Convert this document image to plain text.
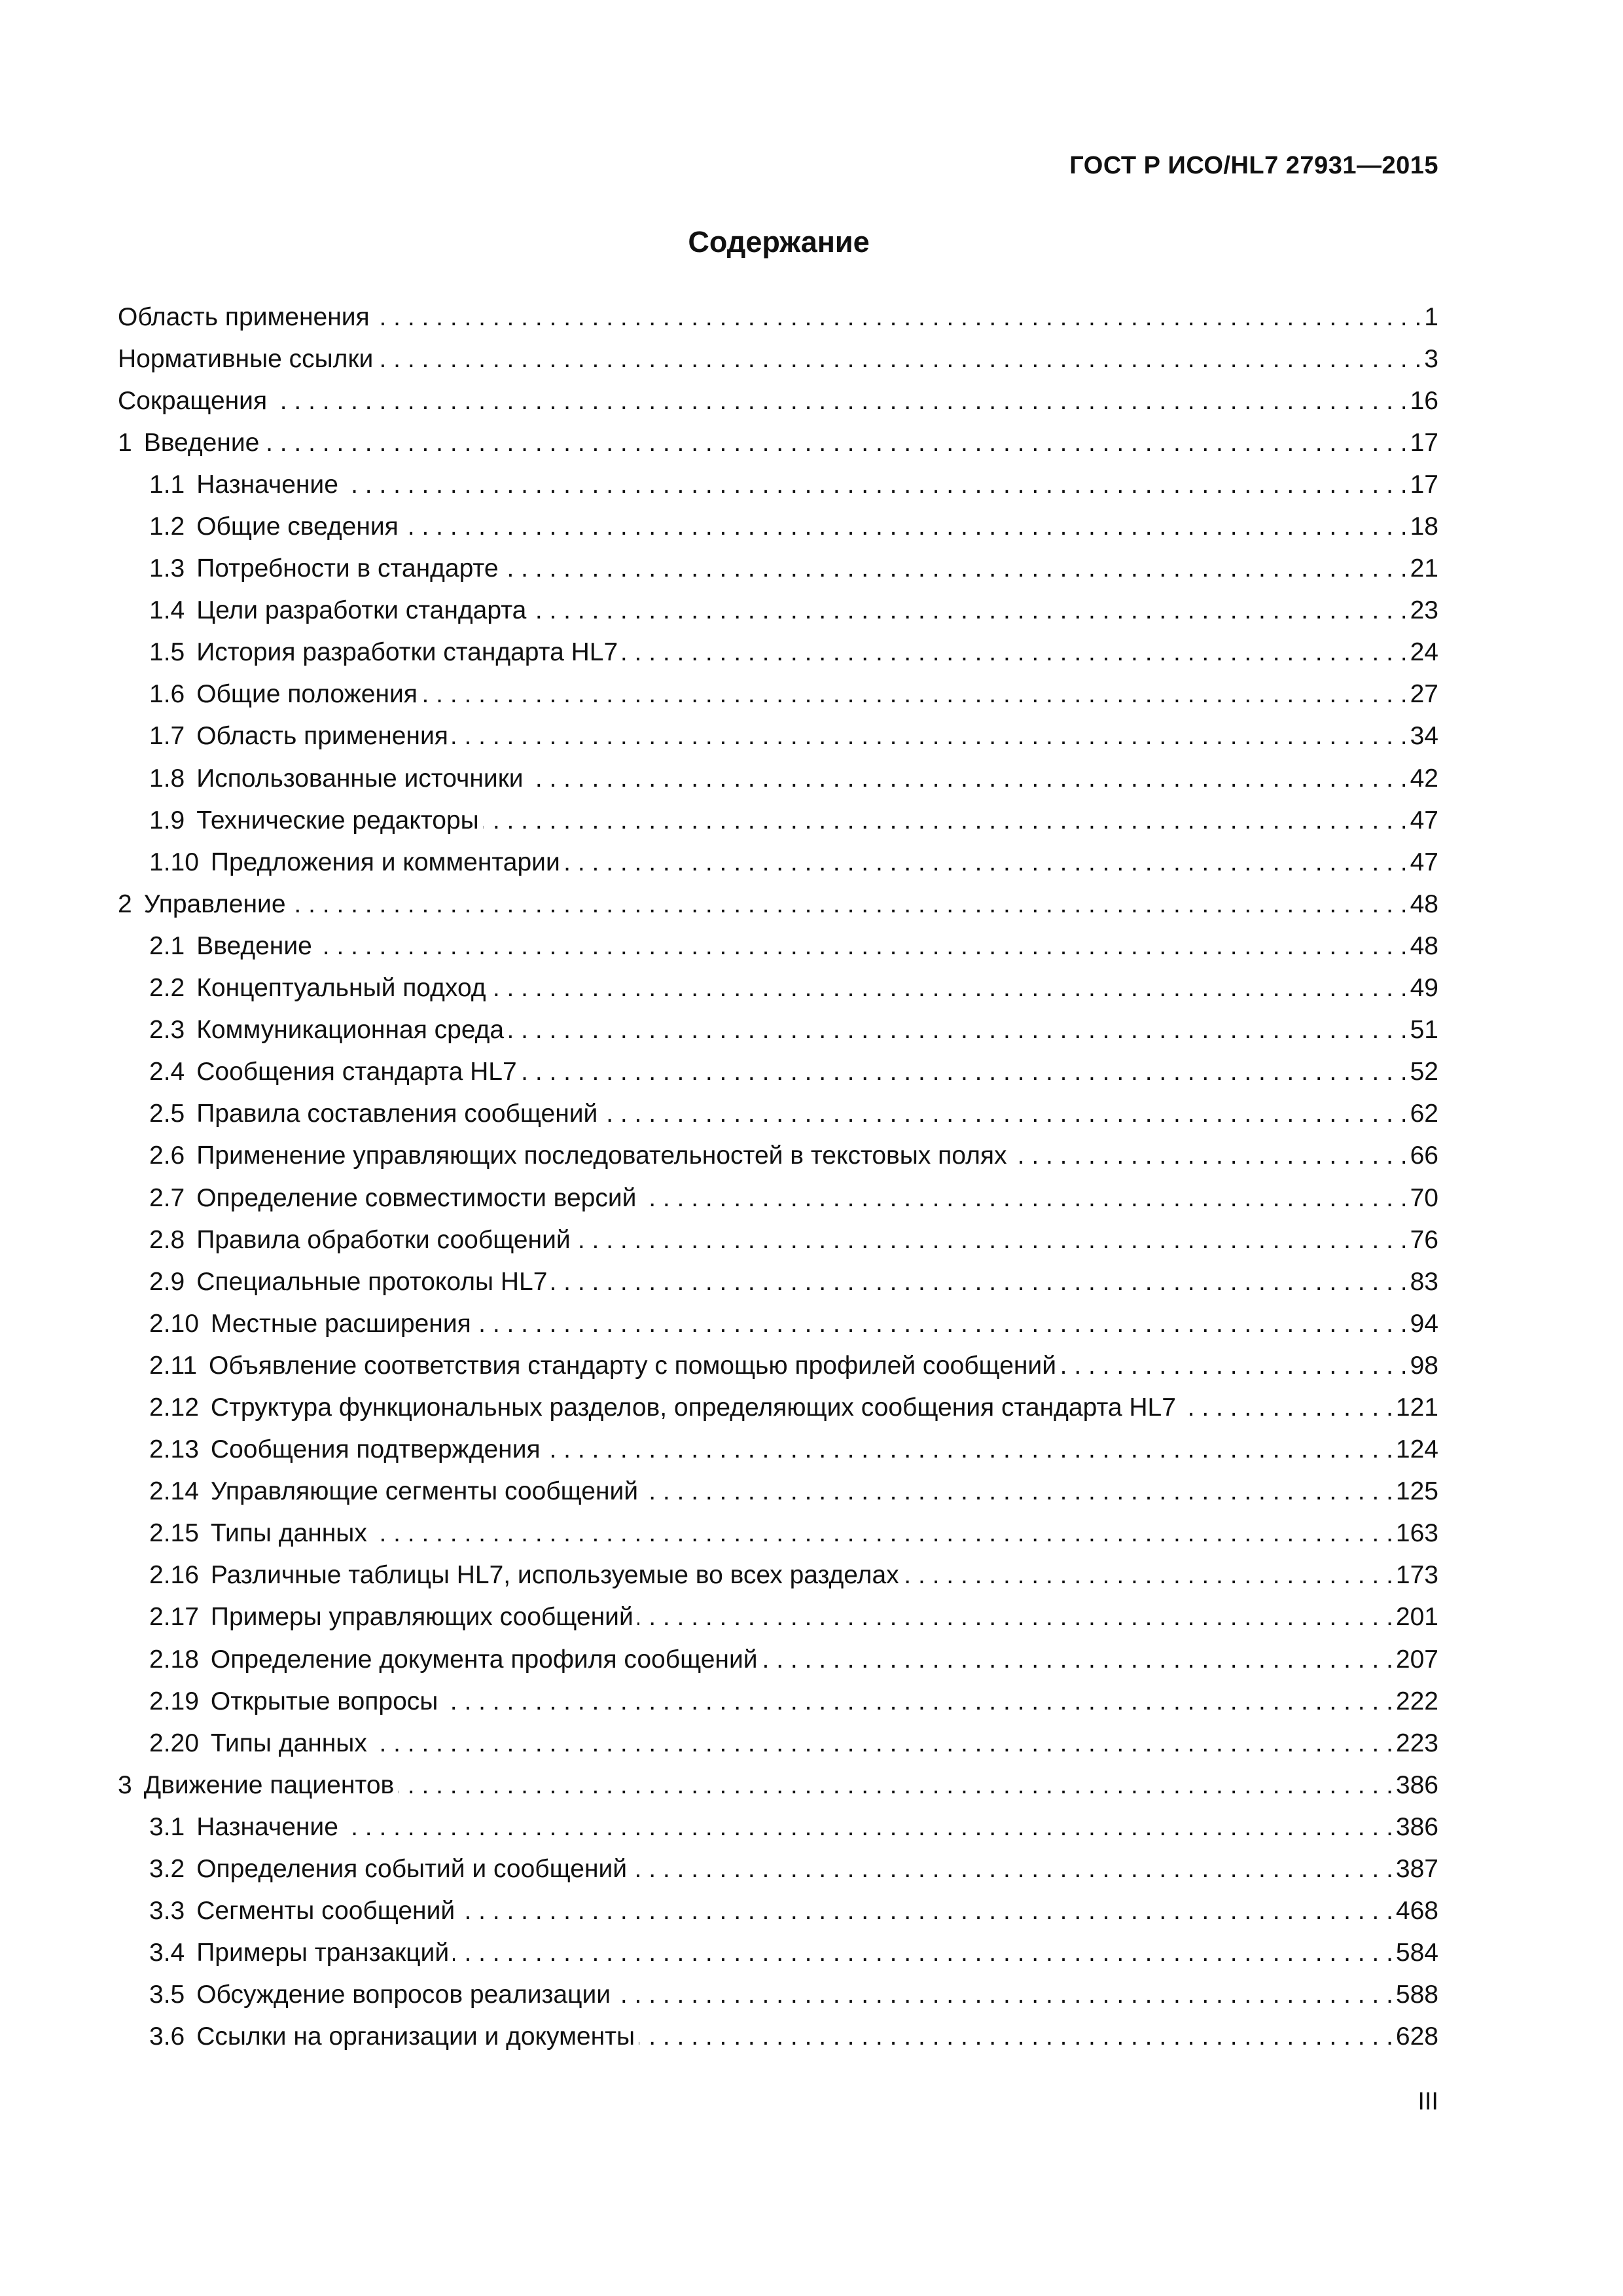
ГОСТ Р ИСО/HL7 27931—2015
Содержание
Область применения . . .	1
Нормативные ссылки . . .	3
Сокращения . . .	16
1 Введение . . .	17
1.1 Назначение . . .	17
1.2 Общие сведения . . .	18
1.3 Потребности в стандарте . . .	21
1.4 Цели разработки стандарта . . .	23
1.5 История разработки стандарта HL7 . . .	24
1.6 Общие положения . . .	27
1.7 Область применения . . .	34
1.8 Использованные источники . . .	42
1.9 Технические редакторы . . .	47
1.10 Предложения и комментарии . . .	47
2 Управление . . .	48
2.1 Введение . . .	48
2.2 Концептуальный подход . . .	49
2.3 Коммуникационная среда . . .	51
2.4 Сообщения стандарта HL7 . . .	52
2.5 Правила составления сообщений . . .	62
2.6 Применение управляющих последовательностей в текстовых полях . . .	66
2.7 Определение совместимости версий . . .	70
2.8 Правила обработки сообщений . . .	76
2.9 Специальные протоколы HL7 . . .	83
2.10 Местные расширения . . .	94
2.11 Объявление соответствия стандарту с помощью профилей сообщений . . .	98
2.12 Структура функциональных разделов, определяющих сообщения стандарта HL7 . . .	121
2.13 Сообщения подтверждения . . .	124
2.14 Управляющие сегменты сообщений . . .	125
2.15 Типы данных . . .	163
2.16 Различные таблицы HL7, используемые во всех разделах . . .	173
2.17 Примеры управляющих сообщений . . .	201
2.18 Определение документа профиля сообщений . . .	207
2.19 Открытые вопросы . . .	222
2.20 Типы данных . . .	223
3 Движение пациентов . . .	386
3.1 Назначение . . .	386
3.2 Определения событий и сообщений . . .	387
3.3 Сегменты сообщений . . .	468
3.4 Примеры транзакций . . .	584
3.5 Обсуждение вопросов реализации . . .	588
3.6 Ссылки на организации и документы . . .	628
III
